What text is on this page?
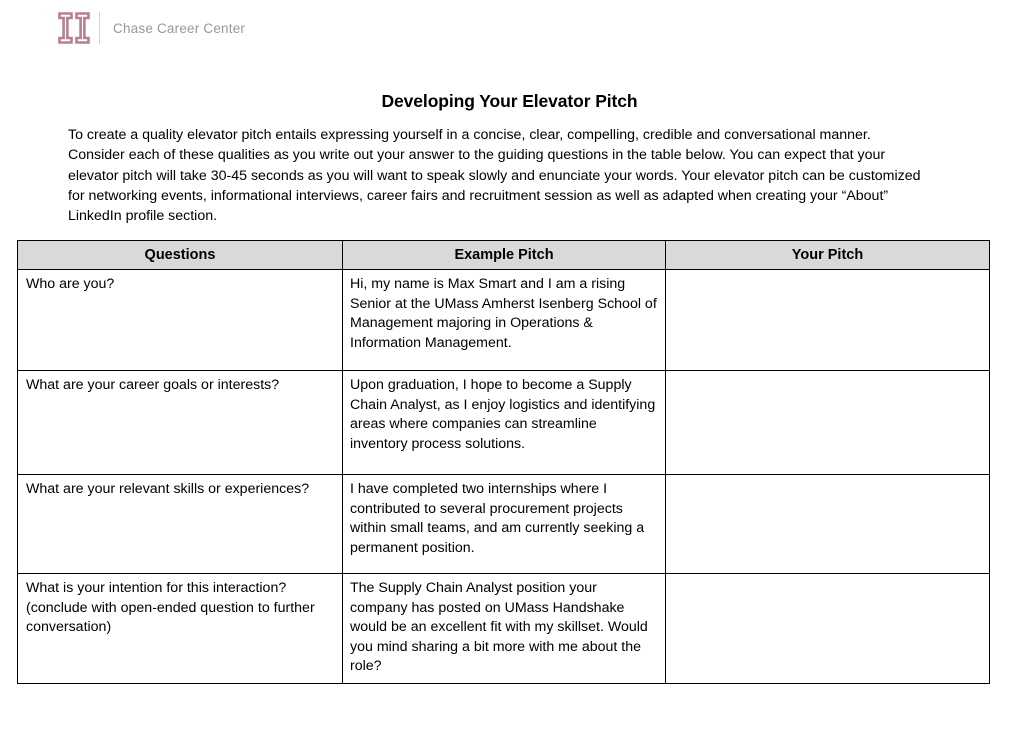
Chase Career Center
Developing Your Elevator Pitch
To create a quality elevator pitch entails expressing yourself in a concise, clear, compelling, credible and conversational manner. Consider each of these qualities as you write out your answer to the guiding questions in the table below. You can expect that your elevator pitch will take 30-45 seconds as you will want to speak slowly and enunciate your words. Your elevator pitch can be customized for networking events, informational interviews, career fairs and recruitment session as well as adapted when creating your “About” LinkedIn profile section.
Questions	Example Pitch	Your Pitch

Who are you?	Hi, my name is Max Smart and I am a rising Senior at the UMass Amherst Isenberg School of Management majoring in Operations & Information Management.	

What are your career goals or interests?	Upon graduation, I hope to become a Supply Chain Analyst, as I enjoy logistics and identifying areas where companies can streamline inventory process solutions.	

What are your relevant skills or experiences?	I have completed two internships where I contributed to several procurement projects within small teams, and am currently seeking a permanent position.	

What is your intention for this interaction? (conclude with open-ended question to further conversation)	The Supply Chain Analyst position your company has posted on UMass Handshake would be an excellent fit with my skillset. Would you mind sharing a bit more with me about the role?	
